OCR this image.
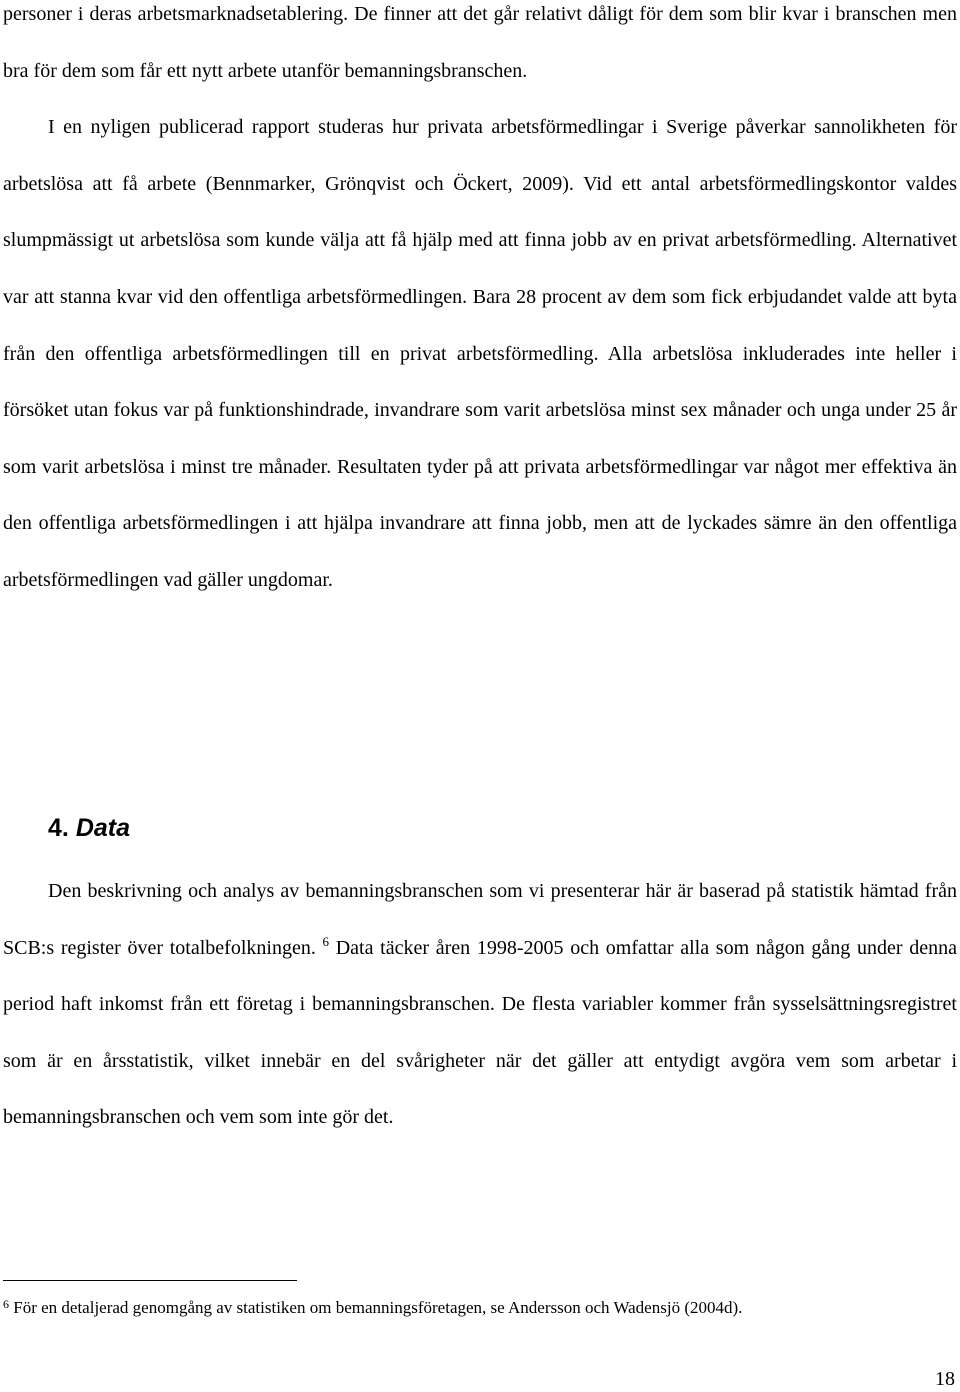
personer i deras arbetsmarknadsetablering. De finner att det går relativt dåligt för dem som blir kvar i branschen men bra för dem som får ett nytt arbete utanför bemanningsbranschen.
I en nyligen publicerad rapport studeras hur privata arbetsförmedlingar i Sverige påverkar sannolikheten för arbetslösa att få arbete (Bennmarker, Grönqvist och Öckert, 2009). Vid ett antal arbetsförmedlingskontor valdes slumpmässigt ut arbetslösa som kunde välja att få hjälp med att finna jobb av en privat arbetsförmedling. Alternativet var att stanna kvar vid den offentliga arbetsförmedlingen. Bara 28 procent av dem som fick erbjudandet valde att byta från den offentliga arbetsförmedlingen till en privat arbetsförmedling. Alla arbetslösa inkluderades inte heller i försöket utan fokus var på funktionshindrade, invandrare som varit arbetslösa minst sex månader och unga under 25 år som varit arbetslösa i minst tre månader. Resultaten tyder på att privata arbetsförmedlingar var något mer effektiva än den offentliga arbetsförmedlingen i att hjälpa invandrare att finna jobb, men att de lyckades sämre än den offentliga arbetsförmedlingen vad gäller ungdomar.

4. Data

Den beskrivning och analys av bemanningsbranschen som vi presenterar här är baserad på statistik hämtad från SCB:s register över totalbefolkningen. $^6$ Data täcker åren 1998-2005 och omfattar alla som någon gång under denna period haft inkomst från ett företag i bemanningsbranschen. De flesta variabler kommer från sysselsättningsregistret som är en årsstatistik, vilket innebär en del svårigheter när det gäller att entydigt avgöra vem som arbetar i bemanningsbranschen och vem som inte gör det.

$^6$ För en detaljerad genomgång av statistiken om bemanningsföretagen, se Andersson och Wadensjö (2004d).

18
